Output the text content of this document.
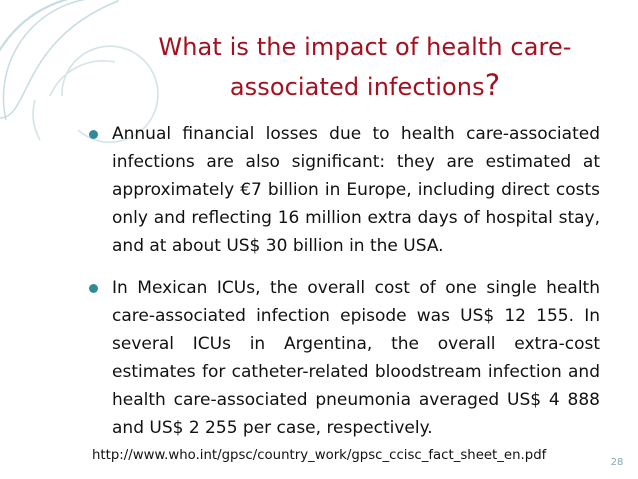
What is the impact of health care-associated infections?
Annual financial losses due to health care-associated infections are also significant: they are estimated at approximately €7 billion in Europe, including direct costs only and reflecting 16 million extra days of hospital stay, and at about US$ 30 billion in the USA.
In Mexican ICUs, the overall cost of one single health care-associated infection episode was US$ 12 155. In several ICUs in Argentina, the overall extra-cost estimates for catheter-related bloodstream infection and health care-associated pneumonia averaged US$ 4 888 and US$ 2 255 per case, respectively.
http://www.who.int/gpsc/country_work/gpsc_ccisc_fact_sheet_en.pdf	28
